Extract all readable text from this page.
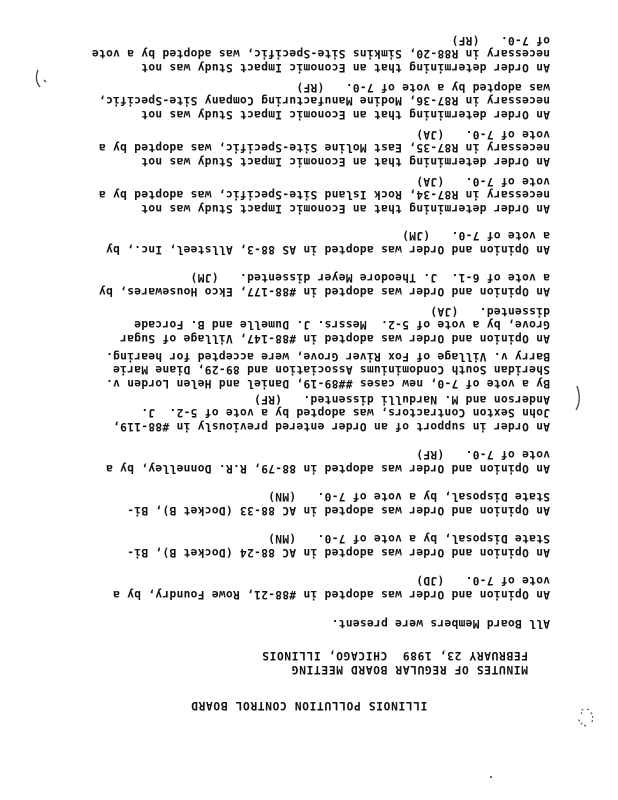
ILLINOIS POLLUTION CONTROL BOARD
MINUTES OF REGULAR BOARD MEETING
FEBRUARY 23, 1989  CHICAGO, ILLINOIS
All Board Members were present.
An Opinion and Order was adopted in #88-21, Rowe Foundry, by a
vote of 7-0.   (JD)
An Opinion and Order was adopted in AC 88-24 (Docket B), Bi-
State Disposal, by a vote of 7-0.   (MN)
An Opinion and Order was adopted in AC 88-33 (Docket B), Bi-
State Disposal, by a vote of 7-0.   (MN)
An Opinion and Order was adopted in 88-79, R.R. Donnelley, by a
vote of 7-0.   (RF)
An Order in support of an Order entered previously in #88-119,
John Sexton Contractors, was adopted by a vote of 5-2.  J.
Anderson and M. Nardulli dissented.   (RF)
By a vote of 7-0, new cases ##89-19, Daniel and Helen Lorden v.
Sheridan South Condominiums Association and 89-29, Diane Marie
Barry v. Village of Fox River Grove, were accepted for hearing.
An Opinion and Order was adopted in #88-147, Village of Sugar
Grove, by a vote of 5-2.  Messrs. J. Dumelle and B. Forcade
dissented.   (JA)
An Opinion and Order was adopted in #88-177, Ekco Housewares, by
a vote of 6-1.  J. Theodore Meyer dissented.   (JM)
An Opinion and Order was adopted in AS 88-3, Allsteel, Inc., by
a vote of 7-0.   (JM)
An Order determining that an Economic Impact Study was not
necessary in R87-34, Rock Island Site-Specific, was adopted by a
vote of 7-0.   (JA)
An Order determining that an Economic Impact Study was not
necessary in R87-35, East Moline Site-Specific, was adopted by a
vote of 7-0.   (JA)
An Order determining that an Economic Impact Study was not
necessary in R87-36, Modine Manufacturing Company Site-Specific,
was adopted by a vote of 7-0.   (RF)
An Order determining that an Economic Impact Study was not
necessary in R88-20, Simkins Site-Specific, was adopted by a vote
of 7-0.   (RF)
